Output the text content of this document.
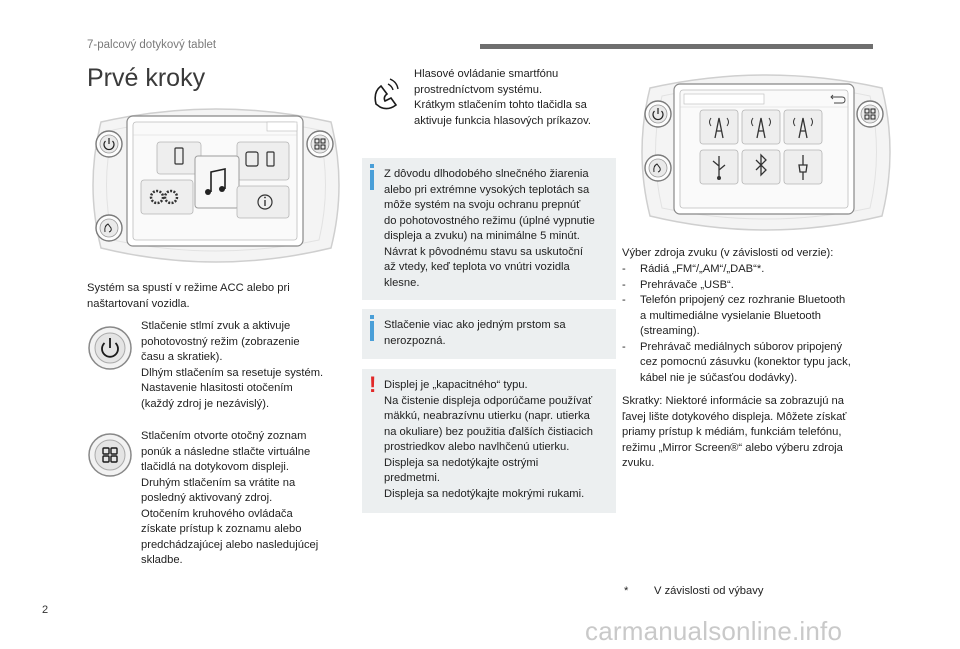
7-palcový dotykový tablet
Prvé kroky
Systém sa spustí v režime ACC alebo pri
naštartovaní vozidla.
Stlačenie stlmí zvuk a aktivuje
pohotovostný režim (zobrazenie
času a skratiek).
Dlhým stlačením sa resetuje systém.
Nastavenie hlasitosti otočením
(každý zdroj je nezávislý).
Stlačením otvorte otočný zoznam
ponúk a následne stlačte virtuálne
tlačidlá na dotykovom displeji.
Druhým stlačením sa vrátite na
posledný aktivovaný zdroj.
Otočením kruhového ovládača
získate prístup k zoznamu alebo
predchádzajúcej alebo nasledujúcej
skladbe.
Hlasové ovládanie smartfónu
prostredníctvom systému.
Krátkym stlačením tohto tlačidla sa
aktivuje funkcia hlasových príkazov.
Z dôvodu dlhodobého slnečného žiarenia
alebo pri extrémne vysokých teplotách sa
môže systém na svoju ochranu prepnúť
do pohotovostného režimu (úplné vypnutie
displeja a zvuku) na minimálne 5 minút.
Návrat k pôvodnému stavu sa uskutoční
až vtedy, keď teplota vo vnútri vozidla
klesne.
Stlačenie viac ako jedným prstom sa
nerozpozná.
! Displej je „kapacitného“ typu.
Na čistenie displeja odporúčame používať
mäkkú, neabrazívnu utierku (napr. utierka
na okuliare) bez použitia ďalších čistiacich
prostriedkov alebo navlhčenú utierku.
Displeja sa nedotýkajte ostrými
predmetmi.
Displeja sa nedotýkajte mokrými rukami.
Výber zdroja zvuku (v závislosti od verzie):
-	Rádiá „FM“/„AM“/„DAB“*.
-	Prehrávače „USB“.
-	Telefón pripojený cez rozhranie Bluetooth
a multimediálne vysielanie Bluetooth
(streaming).
-	Prehrávač mediálnych súborov pripojený
cez pomocnú zásuvku (konektor typu jack,
kábel nie je súčasťou dodávky).
Skratky: Niektoré informácie sa zobrazujú na
ľavej lište dotykového displeja. Môžete získať
priamy prístup k médiám, funkciám telefónu,
režimu „Mirror Screen®“ alebo výberu zdroja
zvuku.
* V závislosti od výbavy
2
carmanualsonline.info
